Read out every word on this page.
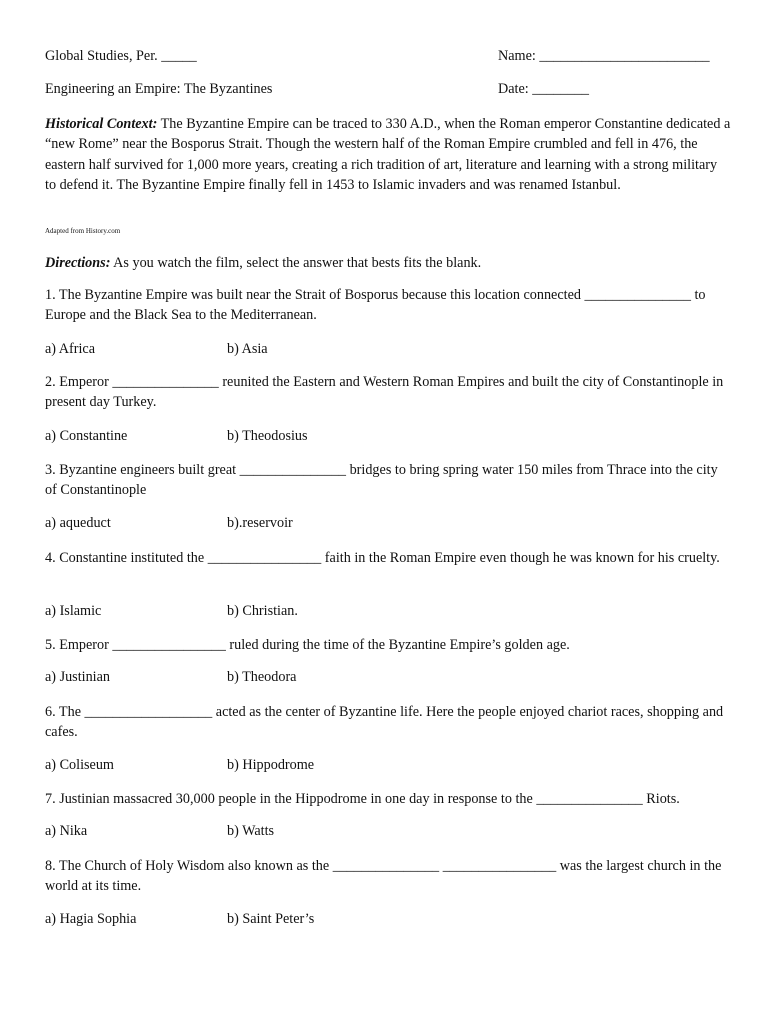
Global Studies, Per. _____	Name: ________________________
Engineering an Empire: The Byzantines	Date: ________
Historical Context: The Byzantine Empire can be traced to 330 A.D., when the Roman emperor Constantine dedicated a “new Rome” near the Bosporus Strait. Though the western half of the Roman Empire crumbled and fell in 476, the eastern half survived for 1,000 more years, creating a rich tradition of art, literature and learning with a strong military to defend it. The Byzantine Empire finally fell in 1453 to Islamic invaders and was renamed Istanbul.
Adapted from History.com
Directions: As you watch the film, select the answer that bests fits the blank.
1. The Byzantine Empire was built near the Strait of Bosporus because this location connected _______________ to Europe and the Black Sea to the Mediterranean.
a) Africa	b) Asia
2. Emperor _______________ reunited the Eastern and Western Roman Empires and built the city of Constantinople in present day Turkey.
a) Constantine	b) Theodosius
3. Byzantine engineers built great _______________ bridges to bring spring water 150 miles from Thrace into the city of Constantinople
a) aqueduct	b).reservoir
4. Constantine instituted the ________________ faith in the Roman Empire even though he was known for his cruelty.
a) Islamic	b) Christian.
5. Emperor ________________ ruled during the time of the Byzantine Empire’s golden age.
a) Justinian	b) Theodora
6. The __________________ acted as the center of Byzantine life. Here the people enjoyed chariot races, shopping and cafes.
a) Coliseum	b) Hippodrome
7. Justinian massacred 30,000 people in the Hippodrome in one day in response to the _______________ Riots.
a) Nika	b) Watts
8. The Church of Holy Wisdom also known as the _______________ ________________ was the largest church in the world at its time.
a) Hagia Sophia	b) Saint Peter’s
